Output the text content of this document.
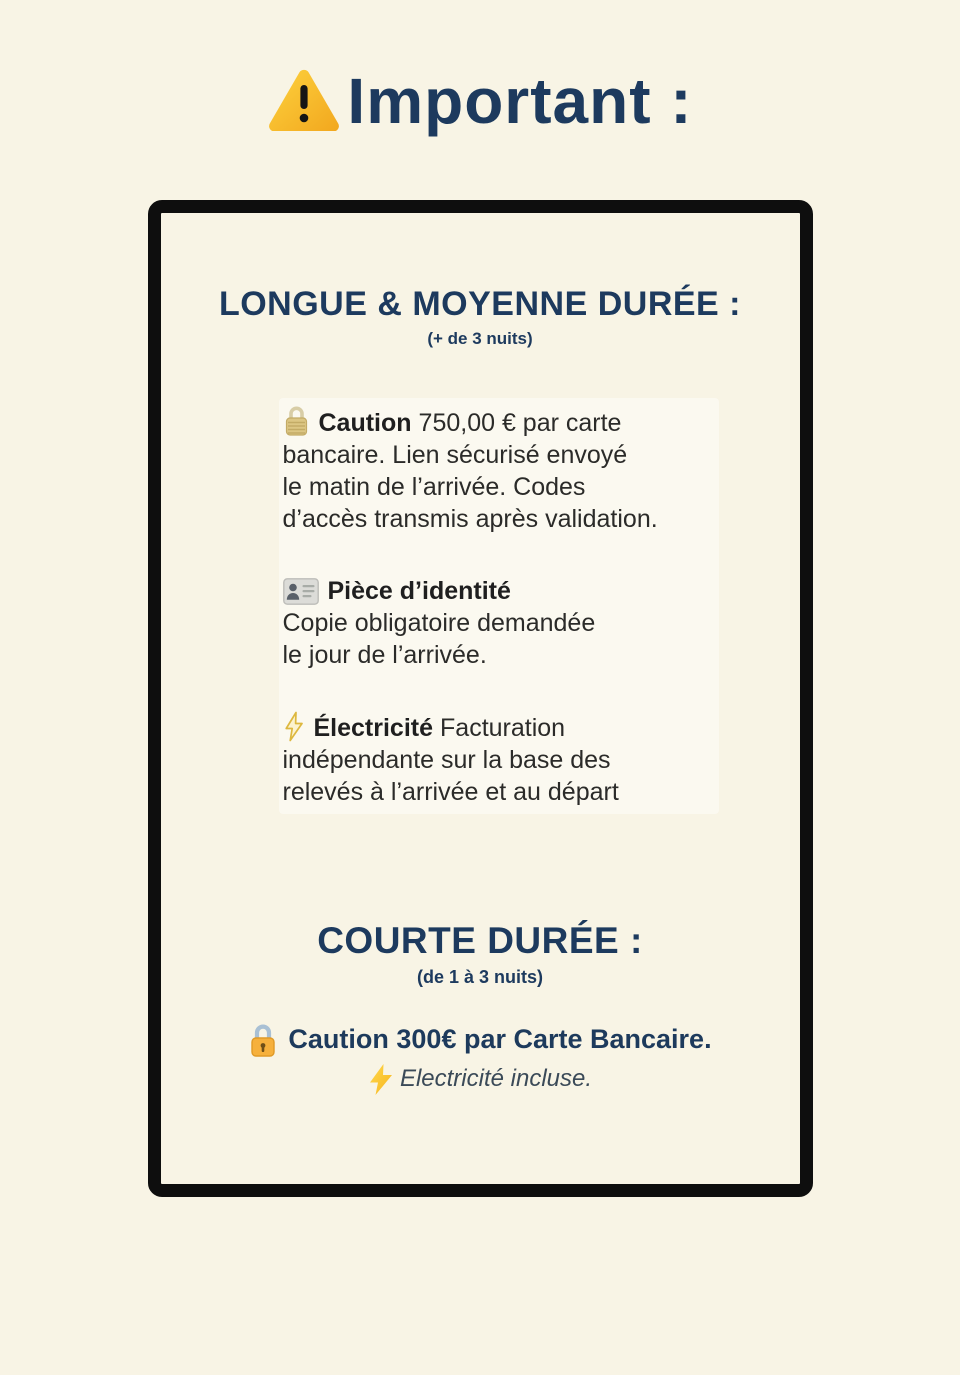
Important :
LONGUE & MOYENNE DURÉE :
(+ de 3 nuits)
Caution 750,00 € par carte
bancaire. Lien sécurisé envoyé
le matin de l’arrivée. Codes
d’accès transmis après validation.
Pièce d’identité
Copie obligatoire demandée
le jour de l’arrivée.
Électricité Facturation
indépendante sur la base des
relevés à l’arrivée et au départ
COURTE DURÉE :
(de 1 à 3 nuits)
Caution 300€ par Carte Bancaire.
Electricité incluse.
